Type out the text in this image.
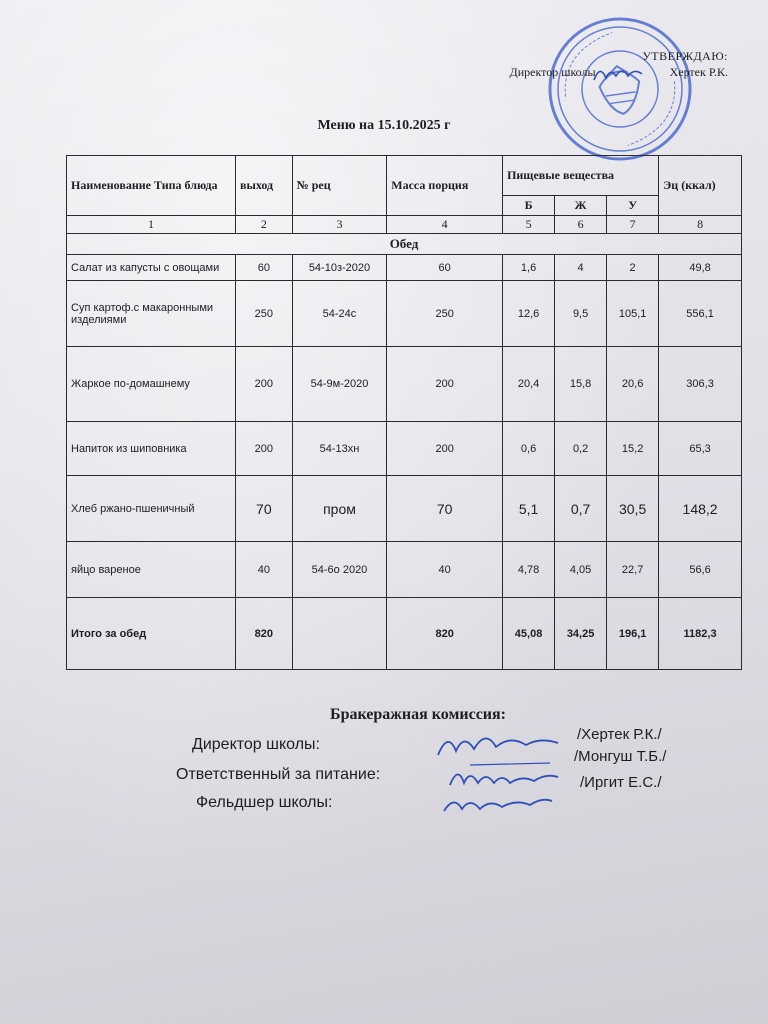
УТВЕРЖДАЮ:
Директор школы	Хертек Р.К.
Меню на 15.10.2025 г
Наименование Типа блюда	выход	№ рец	Масса порция	Пищевые вещества			Эц (ккал)
				Б	Ж	У	
1	2	3	4	5	6	7	8
Обед							
Салат из капусты с овощами	60	54-10з-2020	60	1,6	4	2	49,8
Суп картоф.с макаронными изделиями	250	54-24с	250	12,6	9,5	105,1	556,1
Жаркое по-домашнему	200	54-9м-2020	200	20,4	15,8	20,6	306,3
Напиток из шиповника	200	54-13хн	200	0,6	0,2	15,2	65,3
Хлеб ржано-пшеничный	70	пром	70	5,1	0,7	30,5	148,2
яйцо вареное	40	54-6о 2020	40	4,78	4,05	22,7	56,6
Итого за обед	820		820	45,08	34,25	196,1	1182,3
Бракеражная комиссия:
Директор школы:
/Хертек Р.К./
Ответственный за питание:
/Монгуш Т.Б./
Фельдшер школы:
/Иргит Е.С./
